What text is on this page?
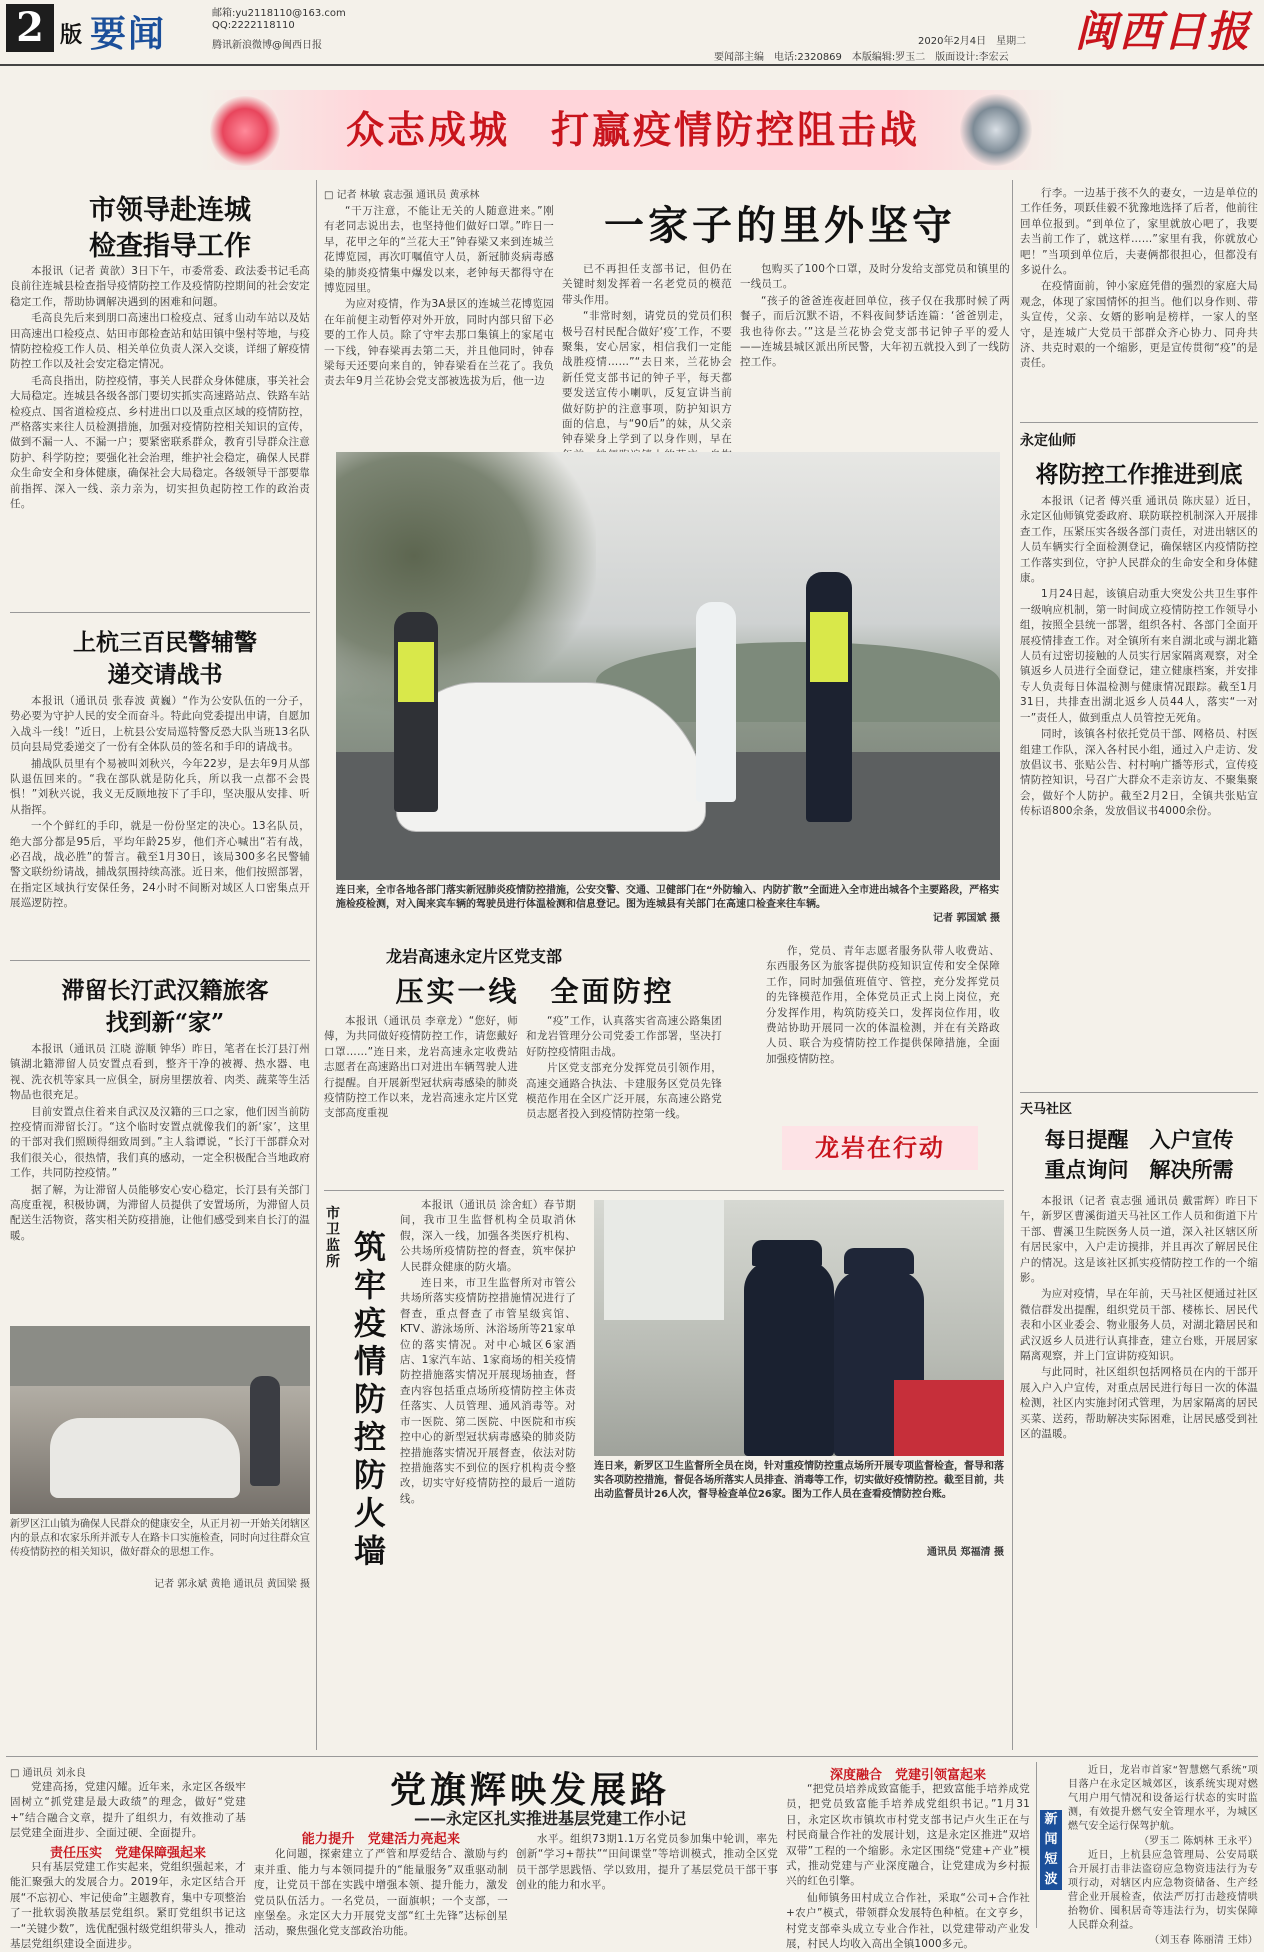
2 版 要闻	邮箱:yu2118110@163.com
QQ:2222118110
腾讯新浪微博@闽西日报
要闻部主编　电话:2320869　本版编辑:罗玉二　版面设计:李宏云
2020年2月4日　星期二 闽西日报
众志成城　打赢疫情防控阻击战
市领导赴连城
检查指导工作

本报讯（记者 黄歆）3日下午，市委常委、政法委书记毛高良前往连城县检查指导疫情防控工作及疫情防控期间的社会安定稳定工作，帮助协调解决遇到的困难和问题。

毛高良先后来到朋口高速出口检疫点、冠豸山动车站以及姑田高速出口检疫点、姑田市郎检查站和姑田镇中堡村等地，与疫情防控检疫工作人员、相关单位负责人深入交谈，详细了解疫情防控工作以及社会安定稳定情况。

毛高良指出，防控疫情，事关人民群众身体健康，事关社会大局稳定。连城县各级各部门要切实抓实高速路站点、铁路车站检疫点、国省道检疫点、乡村进出口以及重点区域的疫情防控，严格落实来往人员检测措施，加强对疫情防控相关知识的宣传，做到不漏一人、不漏一户；要紧密联系群众，教育引导群众注意防护、科学防控；要强化社会治理，维护社会稳定，确保人民群众生命安全和身体健康，确保社会大局稳定。各级领导干部要靠前指挥、深入一线、亲力亲为，切实担负起防控工作的政治责任。

上杭三百民警辅警
递交请战书

本报讯（通讯员 张春波 黄巍）“作为公安队伍的一分子，势必要为守护人民的安全而奋斗。特此向党委提出申请，自愿加入战斗一线！”近日，上杭县公安局巡特警反恐大队当班13名队员向县局党委递交了一份有全体队员的签名和手印的请战书。

捕战队员里有个易被叫刘秋兴，今年22岁，是去年9月从部队退伍回来的。“我在部队就是防化兵，所以我一点都不会畏惧！”刘秋兴说，我义无反顾地按下了手印，坚决服从安排、听从指挥。

一个个鲜红的手印，就是一份份坚定的决心。13名队员，绝大部分都是95后，平均年龄25岁，他们齐心喊出“若有战，必召战，战必胜”的誓言。截至1月30日，该局300多名民警辅警文联纷纷请战，捕战氛围持续高涨。近日来，他们按照部署，在指定区域执行安保任务，24小时不间断对域区人口密集点开展巡逻防控。

滞留长汀武汉籍旅客
找到新“家”

本报讯（通讯员 江晓 游顺 钟华）昨日，笔者在长汀县汀州镇湖北籍滞留人员安置点看到，整齐干净的被褥、热水器、电视、洗衣机等家具一应俱全，厨房里摆放着、肉类、蔬菜等生活物品也很充足。

目前安置点住着来自武汉及汉籍的三口之家，他们因当前防控疫情而滞留长汀。“这个临时安置点就像我们的新‘家’，这里的干部对我们照顾得细致周到。”主人翁谭说，“长汀干部群众对我们很关心，很热情，我们真的感动，一定全积极配合当地政府工作，共同防控疫情。”

据了解，为让滞留人员能够安心安心稳定，长汀县有关部门高度重视，积极协调，为滞留人员提供了安置场所，为滞留人员配送生活物资，落实相关防疫措施，让他们感受到来自长汀的温暖。

新罗区江山镇为确保人民群众的健康安全，从正月初一开始关闭辖区内的景点和农家乐所并派专人在路卡口实施检查，同时向过往群众宣传疫情防控的相关知识，做好群众的思想工作。
记者 郭永斌 黄艳 通讯员 黄国梁 摄
□ 记者 林敏 袁志强 通讯员 黄承林
一家子的里外坚守

“干万注意，不能让无关的人随意进来。”刚有老同志说出去，也坚持他们做好口罩。”昨日一早，花甲之年的“兰花大王”钟春梁又来到连城兰花博览园，再次叮嘱值守人员，新冠肺炎病毒感染的肺炎疫情集中爆发以来，老钟每天都得守在博览园里。

为应对疫情，作为3A景区的连城兰花博览园在年前便主动暂停对外开放，同时内部只留下必要的工作人员。除了守牢去那口集镇上的家尾屯一下线，钟春梁再去第二天，并且他同时，钟春梁每天还要向来自的，钟春梁看在兰花了。我负责去年9月兰花协会党支部被选拔为后，他一边

已不再担任支部书记，但仍在关键时刻发挥着一名老党员的模范带头作用。

“非常时刻，请党员的党员们积极号召村民配合做好‘疫’工作，不要聚集，安心居家，相信我们一定能战胜疫情……”“去日来，兰花协会新任党支部书记的钟子平，每天都要发送宣传小喇叭，反复宣讲当前做好防护的注意事项，防护知识方面的信息，与“90后”的妹，从父亲钟春梁身上学到了以身作则，早在

包购买了100个口罩，及时分发给支部党员和镇里的一线员工。

“孩子的爸爸连夜赶回单位，孩子仅在我那时候了两餐子，而后沉默不语，不料夜间梦话连篇：‘爸爸别走，我也待你去。’”这是兰花协会党支部书记钟子平的爱人——连城县城区派出所民警，大年初五就投入到了一线防控工作。

行李。一边基于孩不久的妻女，一边是单位的工作任务，项跃佳毅不犹豫地选择了后者，他前往回单位报到。“到单位了，家里就放心吧了，我要去当前工作了，就这样……”家里有我，你就放心吧！”当项到单位后，夫妻俩都很担心，但都没有多说什么。

在疫情面前，钟小家庭凭借的强烈的家庭大局观念，体现了家国情怀的担当。他们以身作则、带头宣传，父亲、女婿的影响是榜样，一家人的坚守，是连城广大党员干部群众齐心协力、同舟共济、共克时艰的一个缩影，更是宣传贯彻“疫”的是责任。

连日来，全市各地各部门落实新冠肺炎疫情防控措施，公安交警、交通、卫健部门在“外防输入、内防扩散”全面进入全市进出城各个主要路段，严格实施检疫检测，对入闽来宾车辆的驾驶员进行体温检测和信息登记。图为连城县有关部门在高速口检查来往车辆。
记者 郭国斌 摄
龙岩高速永定片区党支部
压实一线　全面防控

本报讯（通讯员 李章龙）“您好，师傅，为共同做好疫情防控工作，请您戴好口罩……”连日来，龙岩高速永定收费站志愿者在高速路出口对进出车辆驾驶人进行提醒。自开展新型冠状病毒感染的肺炎疫情防控工作以来，龙岩高速永定片区党支部高度重视

“疫”工作，认真落实省高速公路集团和龙岩管理分公司党委工作部署，坚决打好防控疫情阻击战。

片区党支部充分发挥党员引领作用，高速交通路合执法、卡建服务区党员先锋模范作用在全区广泛开展，东高速公路党员志愿者投入到疫情防控第一线。

作，党员、青年志愿者服务队带人收费站、东西服务区为旅客提供防疫知识宣传和安全保障工作，同时加强值班值守、管控，充分发挥党员的先锋模范作用，全体党员正式上岗上岗位，充分发挥作用，构筑防疫关口，发挥岗位作用，收费站协助开展同一次的体温检测，并在有关路政人员、联合为疫情防控工作提供保障措施，全面加强疫情防控。

龙岩在行动
市卫监所 筑牢疫情防控防火墙

本报讯（通讯员 涂舍虹）春节期间，我市卫生监督机构全员取消休假，深入一线，加强各类医疗机构、公共场所疫情防控的督查，筑牢保护人民群众健康的防火墙。

连日来，市卫生监督所对市管公共场所落实疫情防控措施情况进行了督查，重点督查了市管星级宾馆、KTV、游泳场所、沐浴场所等21家单位的落实情况。对中心城区6家酒店、1家汽车站、1家商场的相关疫情防控措施落实情况开展现场抽查，督查内容包括重点场所疫情防控主体责任落实、人员管理、通风消毒等。对市一医院、第二医院、中医院和市疾控中心的新型冠状病毒感染的肺炎防控措施落实情况开展督查，依法对防控措施落实不到位的医疗机构责令整改，切实守好疫情防控的最后一道防线。

连日来，新罗区卫生监督所全员在岗，针对重疫情防控重点场所开展专项监督检查，督导和落实各项防控措施，督促各场所落实人员排查、消毒等工作，切实做好疫情防控。截至目前，共出动监督员计26人次，督导检查单位26家。图为工作人员在查看疫情防控台账。
通讯员 郑福清 摄
永定仙师
将防控工作推进到底

本报讯（记者 傅兴重 通讯员 陈庆显）近日，永定区仙师镇党委政府、联防联控机制深入开展排查工作，压紧压实各级各部门责任，对进出辖区的人员车辆实行全面检测登记，确保辖区内疫情防控工作落实到位，守护人民群众的生命安全和身体健康。

1月24日起，该镇启动重大突发公共卫生事件一级响应机制，第一时间成立疫情防控工作领导小组，按照全县统一部署，组织各村、各部门全面开展疫情排查工作。对全镇所有来自湖北或与湖北籍人员有过密切接触的人员实行居家隔离观察，对全镇返乡人员进行全面登记，建立健康档案，并安排专人负责每日体温检测与健康情况跟踪。截至1月31日，共排查出湖北返乡人员44人，落实“一对一”责任人，做到重点人员管控无死角。

同时，该镇各村依托党员干部、网格员、村医组建工作队，深入各村民小组，通过入户走访、发放倡议书、张贴公告、村村响广播等形式，宣传疫情防控知识，号召广大群众不走亲访友、不聚集聚会，做好个人防护。截至2月2日，全镇共张贴宣传标语800余条，发放倡议书4000余份。

天马社区
每日提醒　入户宣传
重点询问　解决所需

本报讯（记者 袁志强 通讯员 戴雷辉）昨日下午，新罗区曹溪街道天马社区工作人员和街道下片干部、曹溪卫生院医务人员一道，深入社区辖区所有居民家中，入户走访摸排，并且再次了解居民住户的情况。这是该社区抓实疫情防控工作的一个缩影。

为应对疫情，早在年前，天马社区便通过社区微信群发出提醒，组织党员干部、楼栋长、居民代表和小区业委会、物业服务人员，对湖北籍居民和武汉返乡人员进行认真排查，建立台账，开展居家隔离观察，并上门宣讲防疫知识。

与此同时，社区组织包括网格员在内的干部开展入户入户宣传，对重点居民进行每日一次的体温检测，社区内实施封闭式管理，为居家隔离的居民买菜、送药，帮助解决实际困难，让居民感受到社区的温暖。

□ 通讯员 刘永良	党旗辉映发展路
——永定区扎实推进基层党建工作小记

党建高扬，党建闪耀。近年来，永定区各级牢固树立“抓党建是最大政绩”的理念，做好“党建+”结合融合文章，提升了组织力，有效推动了基层党建全面进步、全面过硬、全面提升。

责任压实　党建保障强起来

只有基层党建工作实起来，党组织强起来，才能汇聚强大的发展合力。2019年，永定区结合开展“不忘初心、牢记使命”主题教育，集中专项整治了一批软弱涣散基层党组织。紧盯党组织书记这一“关键少数”，选优配强村级党组织带头人，推动基层党组织建设全面进步。

能力提升　党建活力亮起来

化问题，探索建立了严管和厚爱结合、激励与约束并重、能力与本领同提升的“能量服务”双重驱动制度，让党员干部在实践中增强本领、提升能力，激发党员队伍活力。一名党员，一面旗帜；一个支部，一座堡垒。永定区大力开展党支部“红土先锋”达标创星活动，聚焦强化党支部政治功能。

水平。组织73期1.1万名党员参加集中轮训，率先创新“学习+帮扶”“田间课堂”等培训模式，推动全区党员干部学思践悟、学以致用，提升了基层党员干部干事创业的能力和水平。

深度融合　党建引领富起来

“把党员培养成致富能手，把致富能手培养成党员，把党员致富能手培养成党组织书记。”1月31日，永定区坎市镇坎市村党支部书记卢火生正在与村民商量合作社的发展计划，这是永定区推进“双培双带”工程的一个缩影。永定区围绕“党建+产业”模式，推动党建与产业深度融合，让党建成为乡村振兴的红色引擎。

仙师镇务田村成立合作社，采取“公司+合作社+农户”模式，带领群众发展特色种植。在文亨乡，村党支部牵头成立专业合作社，以党建带动产业发展，村民人均收入高出全镇1000多元。

新闻短波

近日，龙岩市首家“智慧燃气系统”项目落户在永定区城郊区，该系统实现对燃气用户用气情况和设备运行状态的实时监测，有效提升燃气安全管理水平，为城区燃气安全运行保驾护航。

（罗玉二 陈炳林 王永平）

近日，上杭县应急管理局、公安局联合开展打击非法盗窃应急物资违法行为专项行动，对辖区内应急物资储备、生产经营企业开展检查，依法严厉打击趁疫情哄抬物价、囤积居奇等违法行为，切实保障人民群众利益。

（刘玉春 陈丽清 王炜）
